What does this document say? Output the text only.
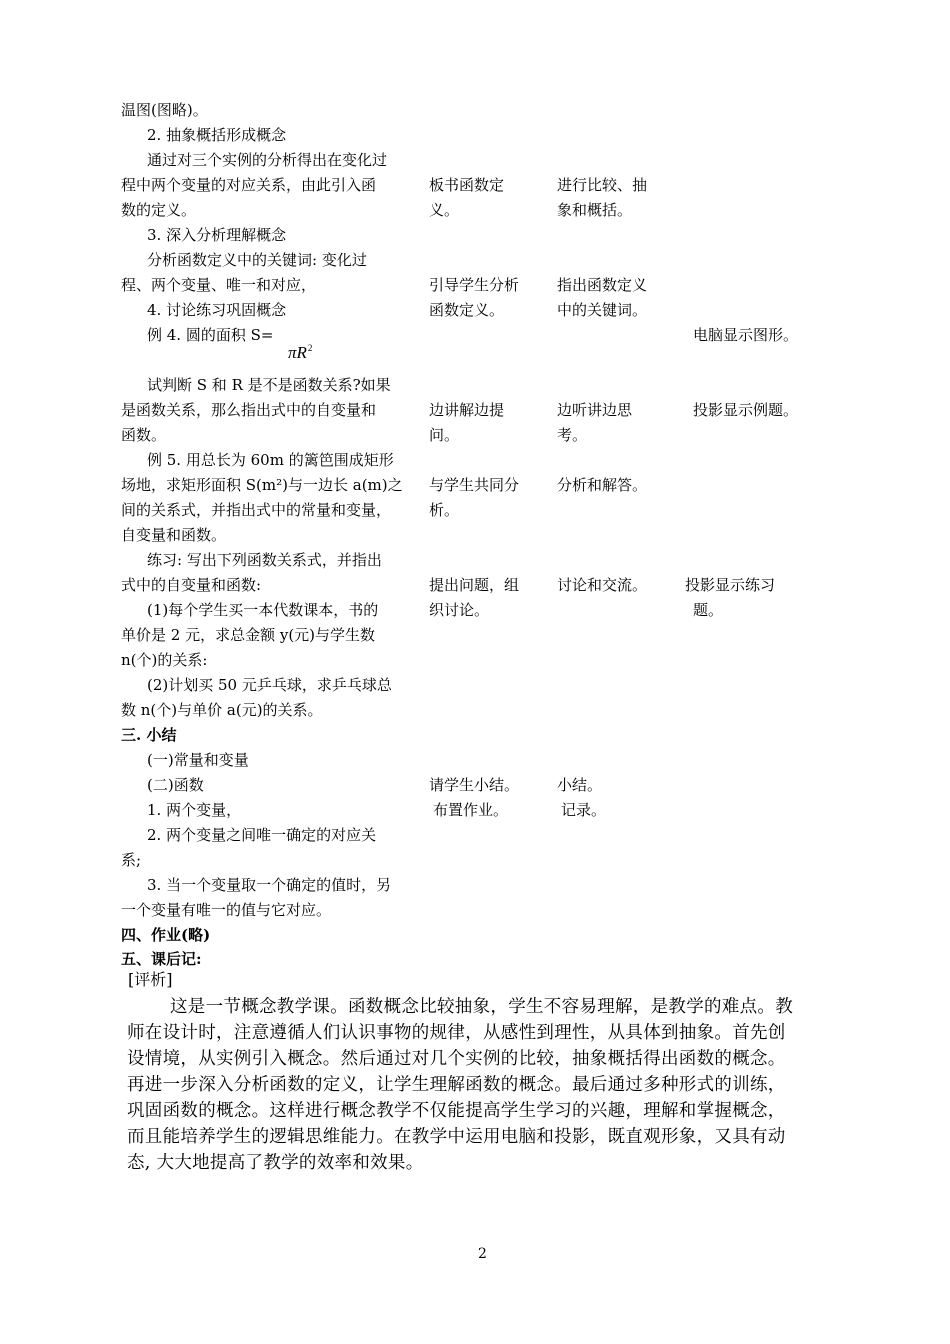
温图(图略)。
2. 抽象概括形成概念
通过对三个实例的分析得出在变化过
程中两个变量的对应关系，由此引入函
数的定义。
3. 深入分析理解概念
分析函数定义中的关键词: 变化过
程、两个变量、唯一和对应，
4. 讨论练习巩固概念
例 4. 圆的面积 S=
$\pi R^2$
试判断 S 和 R 是不是函数关系?如果
是函数关系，那么指出式中的自变量和
函数。
例 5. 用总长为 60m 的篱笆围成矩形
场地，求矩形面积 S(m²)与一边长 a(m)之
间的关系式，并指出式中的常量和变量，
自变量和函数。
练习: 写出下列函数关系式，并指出
式中的自变量和函数:
(1)每个学生买一本代数课本，书的
单价是 2 元，求总金额 y(元)与学生数
n(个)的关系:
(2)计划买 50 元乒乓球，求乒乓球总
数 n(个)与单价 a(元)的关系。
三. 小结
(一)常量和变量
(二)函数
1. 两个变量，
2. 两个变量之间唯一确定的对应关
系;
3. 当一个变量取一个确定的值时，另
一个变量有唯一的值与它对应。
四、作业(略)
五、课后记:
[评析]
板书函数定
义。
引导学生分析
函数定义。
边讲解边提
问。
与学生共同分
析。
提出问题，组
织讨论。
请学生小结。
布置作业。
进行比较、抽
象和概括。
指出函数定义
中的关键词。
边听讲边思
考。
分析和解答。
讨论和交流。
小结。
记录。
电脑显示图形。
投影显示例题。
投影显示练习
题。
这是一节概念教学课。函数概念比较抽象，学生不容易理解，是教学的难点。教
师在设计时，注意遵循人们认识事物的规律，从感性到理性，从具体到抽象。首先创
设情境，从实例引入概念。然后通过对几个实例的比较，抽象概括得出函数的概念。
再进一步深入分析函数的定义，让学生理解函数的概念。最后通过多种形式的训练，
巩固函数的概念。这样进行概念教学不仅能提高学生学习的兴趣，理解和掌握概念，
而且能培养学生的逻辑思维能力。在教学中运用电脑和投影，既直观形象，又具有动
态, 大大地提高了教学的效率和效果。
2
